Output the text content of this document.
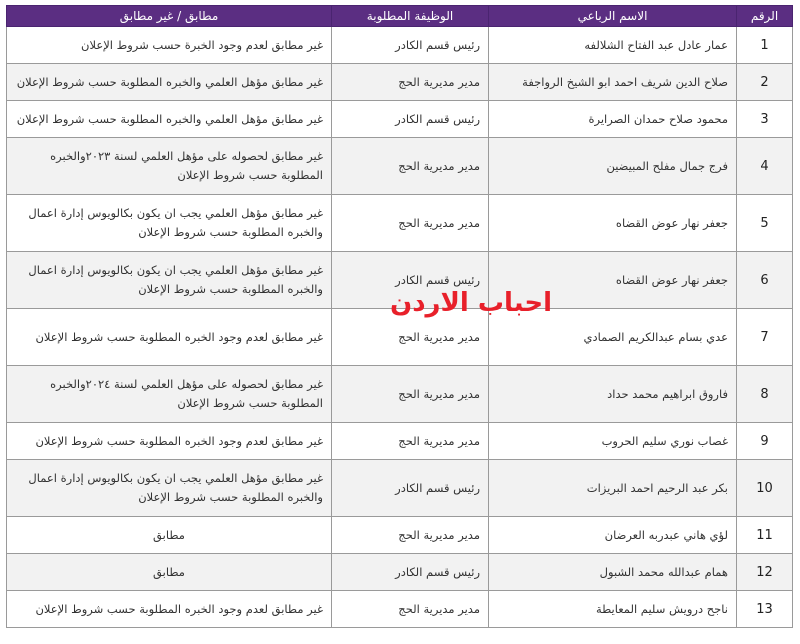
الرقم	الاسم الرباعي	الوظيفة المطلوبة	مطابق / غير مطابق
1	عمار عادل عبد الفتاح الشلالفه	رئيس قسم الكادر	غير مطابق لعدم وجود الخبرة حسب شروط الإعلان
2	صلاح الدين شريف احمد ابو الشيخ الرواجفة	مدير مديرية الحج	غير مطابق مؤهل العلمي والخبره المطلوبة حسب شروط الإعلان
3	محمود صلاح حمدان الصرايرة	رئيس قسم الكادر	غير مطابق مؤهل العلمي والخبره المطلوبة حسب شروط الإعلان
4	فرج جمال مفلح المبيضين	مدير مديرية الحج	غير مطابق لحصوله على مؤهل العلمي لسنة ٢٠٢٣والخبره المطلوبة حسب شروط الإعلان
5	جعفر نهار عوض القضاه	مدير مديرية الحج	غير مطابق مؤهل العلمي يجب ان يكون بكالويوس إدارة اعمال والخبره المطلوبة حسب شروط الإعلان
6	جعفر نهار عوض القضاه	رئيس قسم الكادر	غير مطابق مؤهل العلمي يجب ان يكون بكالويوس إدارة اعمال والخبره المطلوبة حسب شروط الإعلان
7	عدي بسام عبدالكريم الصمادي	مدير مديرية الحج	غير مطابق لعدم وجود الخبره المطلوبة حسب شروط الإعلان
8	فاروق ابراهيم محمد حداد	مدير مديرية الحج	غير مطابق لحصوله على مؤهل العلمي لسنة ٢٠٢٤والخبره المطلوبة حسب شروط الإعلان
9	غصاب نوري سليم الحروب	مدير مديرية الحج	غير مطابق لعدم وجود الخبره المطلوبة حسب شروط الإعلان
10	بكر عبد الرحيم احمد البريزات	رئيس قسم الكادر	غير مطابق مؤهل العلمي يجب ان يكون بكالويوس إدارة اعمال والخبره المطلوبة حسب شروط الإعلان
11	لؤي هاني عبدربه العرضان	مدير مديرية الحج	مطابق
12	همام عبدالله محمد الشبول	رئيس قسم الكادر	مطابق
13	ناجح درويش سليم المعايطة	مدير مديرية الحج	غير مطابق لعدم وجود الخبره المطلوبة حسب شروط الإعلان
احباب الاردن
